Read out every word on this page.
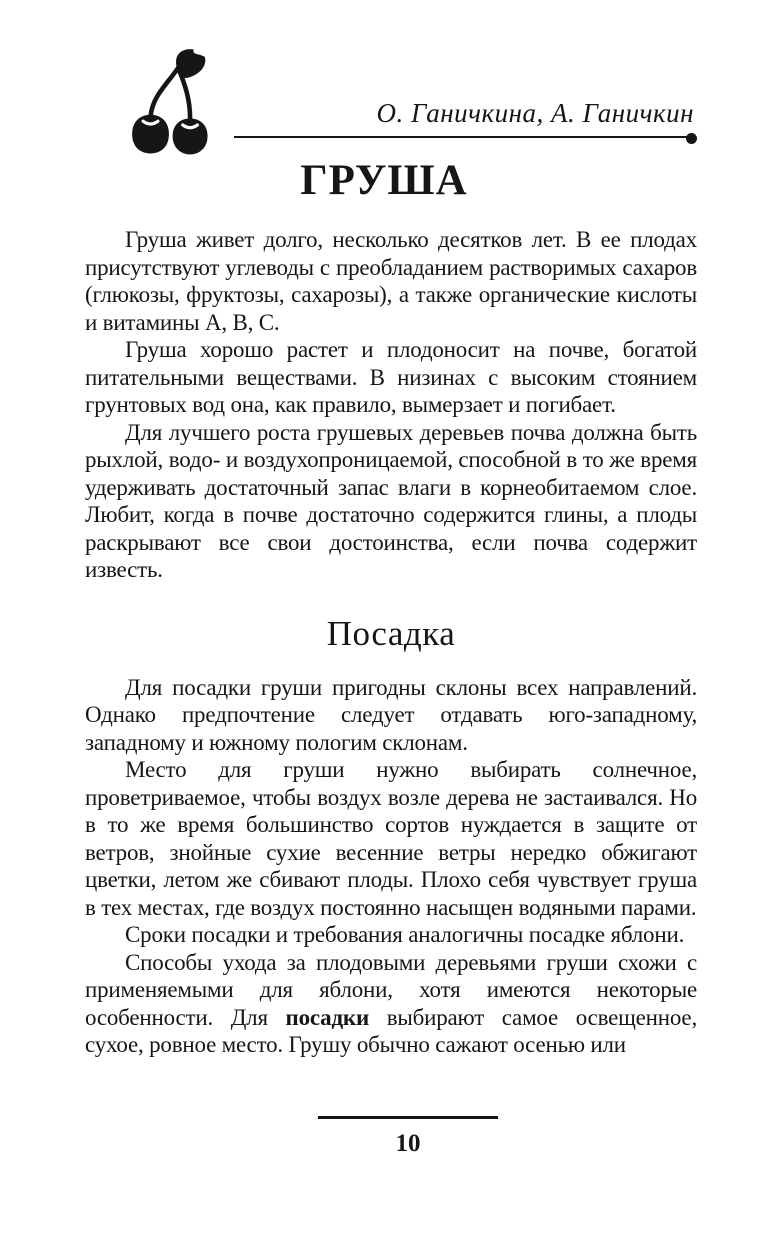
О. Ганичкина, А. Ганичкин
ГРУША

Груша живет долго, несколько десятков лет. В ее плодах присутствуют углеводы с преобладанием растворимых сахаров (глюкозы, фруктозы, сахарозы), а также органические кислоты и витамины А, В, С.

Груша хорошо растет и плодоносит на почве, богатой питательными веществами. В низинах с высоким стоянием грунтовых вод она, как правило, вымерзает и погибает.

Для лучшего роста грушевых деревьев почва должна быть рыхлой, водо- и воздухопроницаемой, способной в то же время удерживать достаточный запас влаги в корнеобитаемом слое. Любит, когда в почве достаточно содержится глины, а плоды раскрывают все свои достоинства, если почва содержит известь.

Посадка

Для посадки груши пригодны склоны всех направлений. Однако предпочтение следует отдавать юго-западному, западному и южному пологим склонам.

Место для груши нужно выбирать солнечное, проветриваемое, чтобы воздух возле дерева не застаивался. Но в то же время большинство сортов нуждается в защите от ветров, знойные сухие весенние ветры нередко обжигают цветки, летом же сбивают плоды. Плохо себя чувствует груша в тех местах, где воздух постоянно насыщен водяными парами.

Сроки посадки и требования аналогичны посадке яблони.

Способы ухода за плодовыми деревьями груши схожи с применяемыми для яблони, хотя имеются некоторые особенности. Для посадки выбирают самое освещенное, сухое, ровное место. Грушу обычно сажают осенью или

10
